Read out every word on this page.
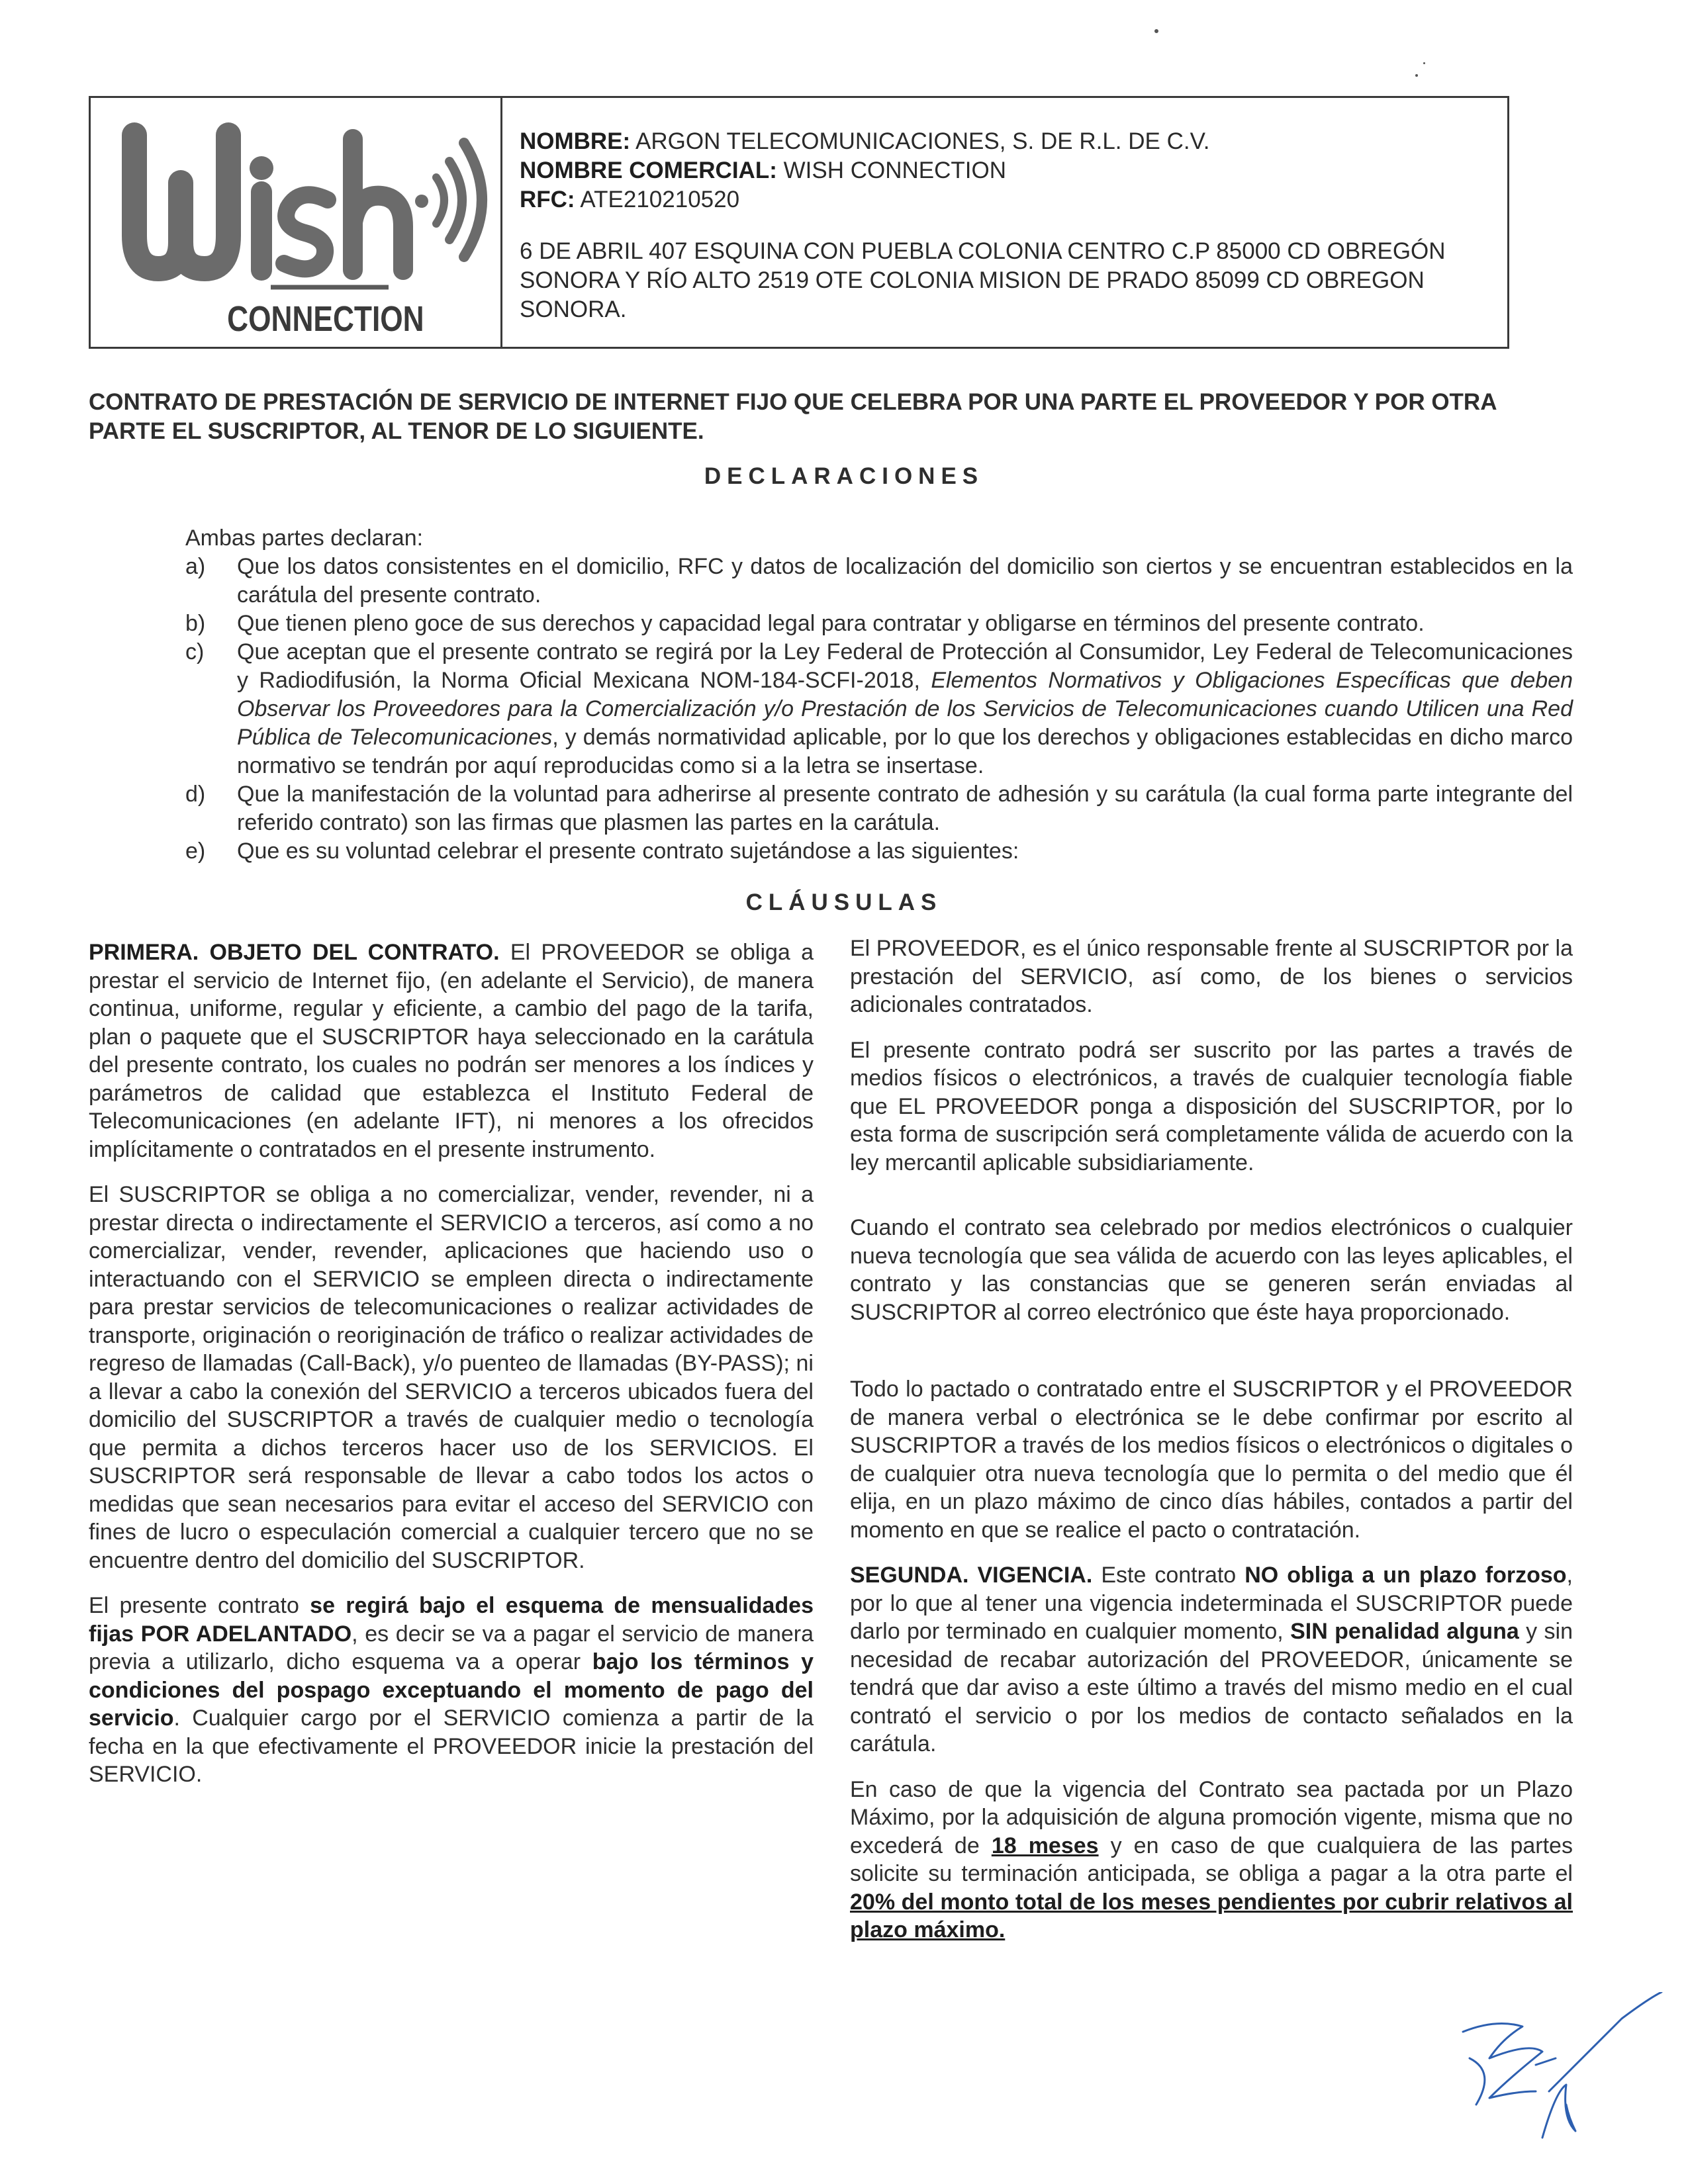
CONNECTION
NOMBRE: ARGON TELECOMUNICACIONES, S. DE R.L. DE C.V.
NOMBRE COMERCIAL: WISH CONNECTION
RFC: ATE210210520
6 DE ABRIL 407 ESQUINA CON PUEBLA COLONIA CENTRO C.P 85000 CD OBREGÓN SONORA Y RÍO ALTO 2519 OTE COLONIA MISION DE PRADO 85099 CD OBREGON SONORA.
CONTRATO DE PRESTACIÓN DE SERVICIO DE INTERNET FIJO QUE CELEBRA POR UNA PARTE EL PROVEEDOR Y POR OTRA PARTE EL SUSCRIPTOR, AL TENOR DE LO SIGUIENTE.
DECLARACIONES
Ambas partes declaran:
a)	Que los datos consistentes en el domicilio, RFC y datos de localización del domicilio son ciertos y se encuentran establecidos en la carátula del presente contrato.
b)	Que tienen pleno goce de sus derechos y capacidad legal para contratar y obligarse en términos del presente contrato.
c)	Que aceptan que el presente contrato se regirá por la Ley Federal de Protección al Consumidor, Ley Federal de Telecomunicaciones y Radiodifusión, la Norma Oficial Mexicana NOM-184-SCFI-2018, Elementos Normativos y Obligaciones Específicas que deben Observar los Proveedores para la Comercialización y/o Prestación de los Servicios de Telecomunicaciones cuando Utilicen una Red Pública de Telecomunicaciones, y demás normatividad aplicable, por lo que los derechos y obligaciones establecidas en dicho marco normativo se tendrán por aquí reproducidas como si a la letra se insertase.
d)	Que la manifestación de la voluntad para adherirse al presente contrato de adhesión y su carátula (la cual forma parte integrante del referido contrato) son las firmas que plasmen las partes en la carátula.
e)	Que es su voluntad celebrar el presente contrato sujetándose a las siguientes:
CLÁUSULAS

PRIMERA. OBJETO DEL CONTRATO. El PROVEEDOR se obliga a prestar el servicio de Internet fijo, (en adelante el Servicio), de manera continua, uniforme, regular y eficiente, a cambio del pago de la tarifa, plan o paquete que el SUSCRIPTOR haya seleccionado en la carátula del presente contrato, los cuales no podrán ser menores a los índices y parámetros de calidad que establezca el Instituto Federal de Telecomunicaciones (en adelante IFT), ni menores a los ofrecidos implícitamente o contratados en el presente instrumento.

El SUSCRIPTOR se obliga a no comercializar, vender, revender, ni a prestar directa o indirectamente el SERVICIO a terceros, así como a no comercializar, vender, revender, aplicaciones que haciendo uso o interactuando con el SERVICIO se empleen directa o indirectamente para prestar servicios de telecomunicaciones o realizar actividades de transporte, originación o reoriginación de tráfico o realizar actividades de regreso de llamadas (Call-Back), y/o puenteo de llamadas (BY-PASS); ni a llevar a cabo la conexión del SERVICIO a terceros ubicados fuera del domicilio del SUSCRIPTOR a través de cualquier medio o tecnología que permita a dichos terceros hacer uso de los SERVICIOS. El SUSCRIPTOR será responsable de llevar a cabo todos los actos o medidas que sean necesarios para evitar el acceso del SERVICIO con fines de lucro o especulación comercial a cualquier tercero que no se encuentre dentro del domicilio del SUSCRIPTOR.

El presente contrato se regirá bajo el esquema de mensualidades fijas POR ADELANTADO, es decir se va a pagar el servicio de manera previa a utilizarlo, dicho esquema va a operar bajo los términos y condiciones del pospago exceptuando el momento de pago del servicio. Cualquier cargo por el SERVICIO comienza a partir de la fecha en la que efectivamente el PROVEEDOR inicie la prestación del SERVICIO.

El PROVEEDOR, es el único responsable frente al SUSCRIPTOR por la prestación del SERVICIO, así como, de los bienes o servicios adicionales contratados.

El presente contrato podrá ser suscrito por las partes a través de medios físicos o electrónicos, a través de cualquier tecnología fiable que EL PROVEEDOR ponga a disposición del SUSCRIPTOR, por lo esta forma de suscripción será completamente válida de acuerdo con la ley mercantil aplicable subsidiariamente.

Cuando el contrato sea celebrado por medios electrónicos o cualquier nueva tecnología que sea válida de acuerdo con las leyes aplicables, el contrato y las constancias que se generen serán enviadas al SUSCRIPTOR al correo electrónico que éste haya proporcionado.

Todo lo pactado o contratado entre el SUSCRIPTOR y el PROVEEDOR de manera verbal o electrónica se le debe confirmar por escrito al SUSCRIPTOR a través de los medios físicos o electrónicos o digitales o de cualquier otra nueva tecnología que lo permita o del medio que él elija, en un plazo máximo de cinco días hábiles, contados a partir del momento en que se realice el pacto o contratación.

SEGUNDA. VIGENCIA. Este contrato NO obliga a un plazo forzoso, por lo que al tener una vigencia indeterminada el SUSCRIPTOR puede darlo por terminado en cualquier momento, SIN penalidad alguna y sin necesidad de recabar autorización del PROVEEDOR, únicamente se tendrá que dar aviso a este último a través del mismo medio en el cual contrató el servicio o por los medios de contacto señalados en la carátula.

En caso de que la vigencia del Contrato sea pactada por un Plazo Máximo, por la adquisición de alguna promoción vigente, misma que no excederá de 18 meses y en caso de que cualquiera de las partes solicite su terminación anticipada, se obliga a pagar a la otra parte el 20% del monto total de los meses pendientes por cubrir relativos al plazo máximo.
